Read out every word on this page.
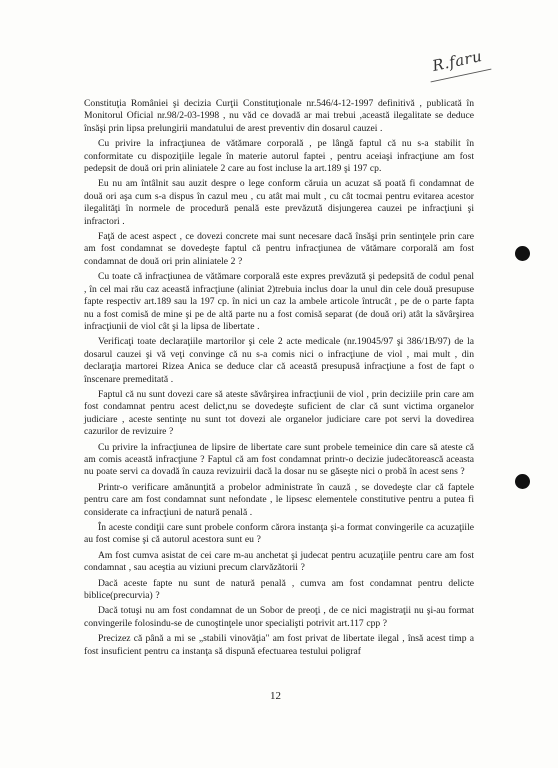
R.faru

Constituţia României şi decizia Curţii Constituţionale nr.546/4-12-1997 definitivă , publicată în Monitorul Oficial nr.98/2-03-1998 , nu văd ce dovadă ar mai trebui ,această ilegalitate se deduce însăşi prin lipsa prelungirii mandatului de arest preventiv din dosarul cauzei .

Cu privire la infracţiunea de vătămare corporală , pe lângă faptul că nu s-a stabilit în conformitate cu dispoziţiile legale în materie autorul faptei , pentru aceiaşi infracţiune am fost pedepsit de două ori prin aliniatele 2 care au fost incluse la art.189 şi 197 cp.

Eu nu am întâlnit sau auzit despre o lege conform căruia un acuzat să poată fi condamnat de două ori aşa cum s-a dispus în cazul meu , cu atât mai mult , cu cât tocmai pentru evitarea acestor ilegalităţi în normele de procedură penală este prevăzută disjungerea cauzei pe infracţiuni şi infractori .

Faţă de acest aspect , ce dovezi concrete mai sunt necesare dacă însăşi prin sentinţele prin care am fost condamnat se dovedeşte faptul că pentru infracţiunea de vătămare corporală am fost condamnat de două ori prin aliniatele 2 ?

Cu toate că infracţiunea de vătămare corporală este expres prevăzută şi pedepsită de codul penal , în cel mai rău caz această infracţiune (aliniat 2)trebuia inclus doar la unul din cele două presupuse fapte respectiv art.189 sau la 197 cp. în nici un caz la ambele articole întrucât , pe de o parte fapta nu a fost comisă de mine şi pe de altă parte nu a fost comisă separat (de două ori) atât la săvârşirea infracţiunii de viol cât şi la lipsa de libertate .

Verificaţi toate declaraţiile martorilor şi cele 2 acte medicale (nr.19045/97 şi 386/1B/97) de la dosarul cauzei şi vă veţi convinge că nu s-a comis nici o infracţiune de viol , mai mult , din declaraţia martorei Rizea Anica se deduce clar că această presupusă infracţiune a fost de fapt o înscenare premeditată .

Faptul că nu sunt dovezi care să ateste săvârşirea infracţiunii de viol , prin deciziile prin care am fost condamnat pentru acest delict,nu se dovedeşte suficient de clar că sunt victima organelor judiciare , aceste sentinţe nu sunt tot dovezi ale organelor judiciare care pot servi la dovedirea cazurilor de revizuire ?

Cu privire la infracţiunea de lipsire de libertate care sunt probele temeinice din care să ateste că am comis această infracţiune ? Faptul că am fost condamnat printr-o decizie judecătorească aceasta nu poate servi ca dovadă în cauza revizuirii dacă la dosar nu se găseşte nici o probă în acest sens ?

Printr-o verificare amănunţită a probelor administrate în cauză , se dovedeşte clar că faptele pentru care am fost condamnat sunt nefondate , le lipsesc elementele constitutive pentru a putea fi considerate ca infracţiuni de natură penală .

În aceste condiţii care sunt probele conform cărora instanţa şi-a format convingerile ca acuzaţiile au fost comise şi că autorul acestora sunt eu ?

Am fost cumva asistat de cei care m-au anchetat şi judecat pentru acuzaţiile pentru care am fost condamnat , sau aceştia au viziuni precum clarvăzătorii ?

Dacă aceste fapte nu sunt de natură penală , cumva am fost condamnat pentru delicte biblice(precurvia) ?

Dacă totuşi nu am fost condamnat de un Sobor de preoţi , de ce nici magistraţii nu şi-au format convingerile folosindu-se de cunoştinţele unor specialişti potrivit art.117 cpp ?

Precizez că până a mi se „stabili vinovăţia" am fost privat de libertate ilegal , însă acest timp a fost insuficient pentru ca instanţa să dispună efectuarea testului poligraf

12
